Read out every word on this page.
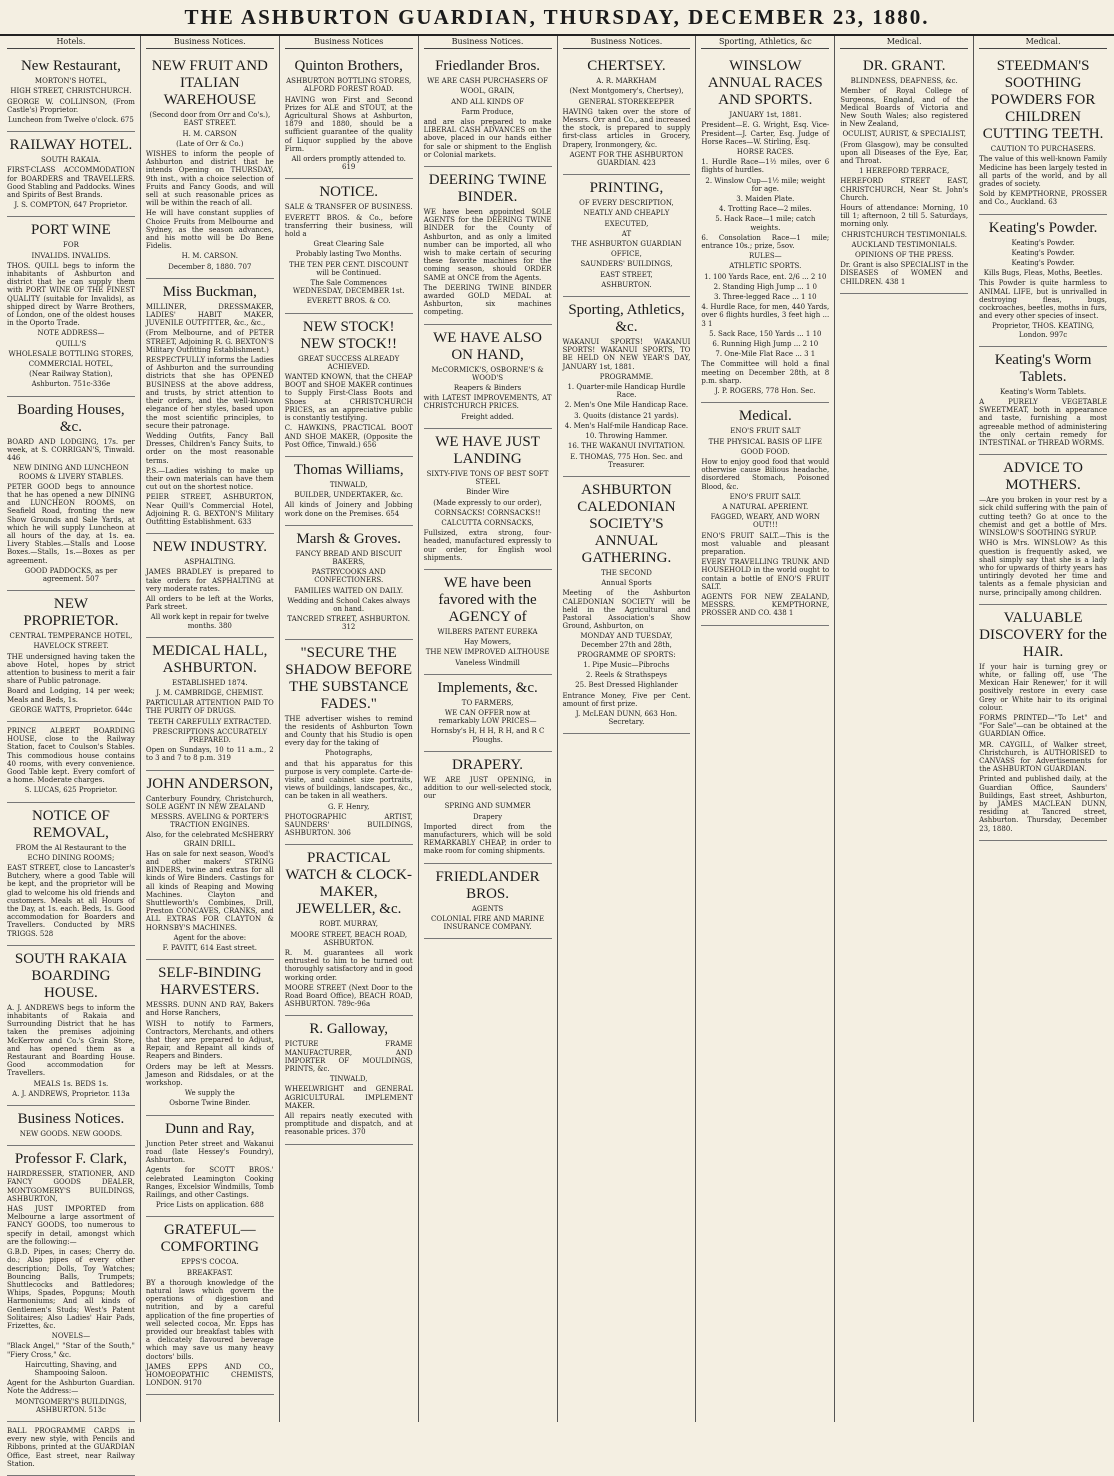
THE ASHBURTON GUARDIAN, THURSDAY, DECEMBER 23, 1880.
Hotels.
New Restaurant,

MORTON'S HOTEL,

HIGH STREET, CHRISTCHURCH.

GEORGE W. COLLINSON, (From Castle's) Proprietor.

Luncheon from Twelve o'clock. 675

RAILWAY HOTEL.

SOUTH RAKAIA.

FIRST-CLASS ACCOMMODATION for BOARDERS and TRAVELLERS. Good Stabling and Paddocks. Wines and Spirits of Best Brands.

J. S. COMPTON, 647 Proprietor.

PORT WINE

FOR

INVALIDS. INVALIDS.

THOS. QUILL begs to inform the inhabitants of Ashburton and district that he can supply them with PORT WINE OF THE FINEST QUALITY (suitable for Invalids), as shipped direct by Warre Brothers, of London, one of the oldest houses in the Oporto Trade.

NOTE ADDRESS—

QUILL'S

WHOLESALE BOTTLING STORES,

COMMERCIAL HOTEL,

(Near Railway Station),

Ashburton. 751c-336e

Boarding Houses, &c.

BOARD AND LODGING, 17s. per week, at S. CORRIGAN'S, Tinwald. 446

NEW DINING AND LUNCHEON ROOMS & LIVERY STABLES.

PETER GOOD begs to announce that he has opened a new DINING and LUNCHEON ROOMS, on Seafield Road, fronting the new Show Grounds and Sale Yards, at which he will supply Luncheon at all hours of the day, at 1s. ea. Livery Stables.—Stalls and Loose Boxes.—Stalls, 1s.—Boxes as per agreement.

GOOD PADDOCKS, as per agreement. 507

NEW PROPRIETOR.

CENTRAL TEMPERANCE HOTEL,

HAVELOCK STREET.

THE undersigned having taken the above Hotel, hopes by strict attention to business to merit a fair share of Public patronage.

Board and Lodging, 14 per week; Meals and Beds, 1s.

GEORGE WATTS, Proprietor. 644c

PRINCE ALBERT BOARDING HOUSE, close to the Railway Station, facet to Coulson's Stables. This commodious house contains 40 rooms, with every convenience. Good Table kept. Every comfort of a home. Moderate charges.

S. LUCAS, 625 Proprietor.

NOTICE OF REMOVAL,

FROM the Al Restaurant to the

ECHO DINING ROOMS;

EAST STREET, close to Lancaster's Butchery, where a good Table will be kept, and the proprietor will be glad to welcome his old friends and customers. Meals at all Hours of the Day, at 1s. each. Beds, 1s. Good accommodation for Boarders and Travellers. Conducted by MRS TRIGGS. 528

SOUTH RAKAIA BOARDING HOUSE.

A. J. ANDREWS begs to inform the inhabitants of Rakaia and Surrounding District that he has taken the premises adjoining McKerrow and Co.'s Grain Store, and has opened them as a Restaurant and Boarding House. Good accommodation for Travellers.

MEALS 1s. BEDS 1s.

A. J. ANDREWS, Proprietor. 113a

Business Notices.

NEW GOODS. NEW GOODS.

Professor F. Clark,

HAIRDRESSER, STATIONER, AND FANCY GOODS DEALER, MONTGOMERY'S BUILDINGS, ASHBURTON,

HAS JUST IMPORTED from Melbourne a large assortment of FANCY GOODS, too numerous to specify in detail, amongst which are the following:—

G.B.D. Pipes, in cases; Cherry do. do.; Also pipes of every other description; Dolls, Toy Watches; Bouncing Balls, Trumpets; Shuttlecocks and Battledores; Whips, Spades, Popguns; Mouth Harmoniums; And all kinds of Gentlemen's Studs; West's Patent Solitaires; Also Ladies' Hair Pads, Frizettes, &c.

NOVELS—

"Black Angel," "Star of the South," "Fiery Cross," &c.

Haircutting, Shaving, and Shampooing Saloon.

Agent for the Ashburton Guardian. Note the Address:—

MONTGOMERY'S BUILDINGS, ASHBURTON. 513c

BALL PROGRAMME CARDS in every new style, with Pencils and Ribbons, printed at the GUARDIAN Office, East street, near Railway Station.

Business Notices.
NEW FRUIT AND ITALIAN WAREHOUSE

(Second door from Orr and Co's.), EAST STREET.

H. M. CARSON

(Late of Orr & Co.)

WISHES to inform the people of Ashburton and district that he intends Opening on THURSDAY, 9th inst., with a choice selection of Fruits and Fancy Goods, and will sell at such reasonable prices as will be within the reach of all.

He will have constant supplies of Choice Fruits from Melbourne and Sydney, as the season advances, and his motto will be Do Bene Fidelis.

H. M. CARSON.

December 8, 1880. 707

Miss Buckman,

MILLINER, DRESSMAKER, LADIES' HABIT MAKER, JUVENILE OUTFITTER, &c., &c.,

(From Melbourne, and of PETER STREET, Adjoining R. G. BEXTON'S Military Outfitting Establishment.)

RESPECTFULLY informs the Ladies of Ashburton and the surrounding districts that she has OPENED BUSINESS at the above address, and trusts, by strict attention to their orders, and the well-known elegance of her styles, based upon the most scientific principles, to secure their patronage.

Wedding Outfits, Fancy Ball Dresses, Children's Fancy Suits, to order on the most reasonable terms.

P.S.—Ladies wishing to make up their own materials can have them cut out on the shortest notice.

PEIER STREET, ASHBURTON, Near Quill's Commercial Hotel, Adjoining R. G. BEXTON'S Military Outfitting Establishment. 633

NEW INDUSTRY.

ASPHALTING.

JAMES BRADLEY is prepared to take orders for ASPHALTING at very moderate rates.

All orders to be left at the Works, Park street.

All work kept in repair for twelve months. 380

MEDICAL HALL, ASHBURTON.

ESTABLISHED 1874.

J. M. CAMBRIDGE, CHEMIST.

PARTICULAR ATTENTION PAID TO THE PURITY OF DRUGS.

TEETH CAREFULLY EXTRACTED.

PRESCRIPTIONS ACCURATELY PREPARED.

Open on Sundays, 10 to 11 a.m., 2 to 3 and 7 to 8 p.m. 319

JOHN ANDERSON,

Canterbury Foundry, Christchurch, SOLE AGENT IN NEW ZEALAND

MESSRS. AVELING & PORTER'S TRACTION ENGINES.

Also, for the celebrated McSHERRY GRAIN DRILL.

Has on sale for next season, Wood's and other makers' STRING BINDERS, twine and extras for all kinds of Wire Binders. Castings for all kinds of Reaping and Mowing Machines. Clayton and Shuttleworth's Combines, Drill, Preston CONCAVES, CRANKS, and ALL EXTRAS FOR CLAYTON & HORNSBY'S MACHINES.

Agent for the above:

F. PAVITT, 614 East street.

SELF-BINDING HARVESTERS.

MESSRS. DUNN AND RAY, Bakers and Horse Ranchers,

WISH to notify to Farmers, Contractors, Merchants, and others that they are prepared to Adjust, Repair, and Repaint all kinds of Reapers and Binders.

Orders may be left at Messrs. Jameson and Ridsdales, or at the workshop.

We supply the

Osborne Twine Binder.

Dunn and Ray,

Junction Peter street and Wakanui road (late Hessey's Foundry), Ashburton.

Agents for SCOTT BROS.' celebrated Leamington Cooking Ranges, Excelsior Windmills, Tomb Railings, and other Castings.

Price Lists on application. 688

GRATEFUL—COMFORTING

EPPS'S COCOA.

BREAKFAST.

BY a thorough knowledge of the natural laws which govern the operations of digestion and nutrition, and by a careful application of the fine properties of well selected cocoa, Mr. Epps has provided our breakfast tables with a delicately flavoured beverage which may save us many heavy doctors' bills.

JAMES EPPS AND CO., HOMOEOPATHIC CHEMISTS, LONDON. 9170

Business Notices
Quinton Brothers,

ASHBURTON BOTTLING STORES, ALFORD FOREST ROAD.

HAVING won First and Second Prizes for ALE and STOUT, at the Agricultural Shows at Ashburton, 1879 and 1880, should be a sufficient guarantee of the quality of Liquor supplied by the above Firm.

All orders promptly attended to. 619

NOTICE.

SALE & TRANSFER OF BUSINESS.

EVERETT BROS. & Co., before transferring their business, will hold a

Great Clearing Sale

Probably lasting Two Months.

THE TEN PER CENT. DISCOUNT will be Continued.

The Sale Commences WEDNESDAY, DECEMBER 1st.

EVERETT BROS. & CO.

NEW STOCK! NEW STOCK!!

GREAT SUCCESS ALREADY ACHIEVED.

WANTED KNOWN, that the CHEAP BOOT and SHOE MAKER continues to Supply First-Class Boots and Shoes at CHRISTCHURCH PRICES, as an appreciative public is constantly testifying.

C. HAWKINS, PRACTICAL BOOT AND SHOE MAKER, (Opposite the Post Office, Tinwald.) 656

Thomas Williams,

TINWALD,

BUILDER, UNDERTAKER, &c.

All kinds of Joinery and Jobbing work done on the Premises. 654

Marsh & Groves.

FANCY BREAD AND BISCUIT BAKERS,

PASTRYCOOKS AND CONFECTIONERS.

FAMILIES WAITED ON DAILY.

Wedding and School Cakes always on hand.

TANCRED STREET, ASHBURTON. 312

"SECURE THE SHADOW BEFORE THE SUBSTANCE FADES."

THE advertiser wishes to remind the residents of Ashburton Town and County that his Studio is open every day for the taking of

Photographs,

and that his apparatus for this purpose is very complete. Carte-de-visite, and cabinet size portraits, views of buildings, landscapes, &c., can be taken in all weathers.

G. F. Henry,

PHOTOGRAPHIC ARTIST, SAUNDERS' BUILDINGS, ASHBURTON. 306

PRACTICAL WATCH & CLOCK-MAKER, JEWELLER, &c.

ROBT. MURRAY,

MOORE STREET, BEACH ROAD, ASHBURTON.

R. M. guarantees all work entrusted to him to be turned out thoroughly satisfactory and in good working order.

MOORE STREET (Next Door to the Road Board Office), BEACH ROAD, ASHBURTON. 789c-96a

R. Galloway,

PICTURE FRAME MANUFACTURER, AND IMPORTER OF MOULDINGS, PRINTS, &c.

TINWALD,

WHEELWRIGHT and GENERAL AGRICULTURAL IMPLEMENT MAKER.

All repairs neatly executed with promptitude and dispatch, and at reasonable prices. 370

Business Notices.
Friedlander Bros.

WE ARE CASH PURCHASERS OF

WOOL, GRAIN,

AND ALL KINDS OF

Farm Produce,

and are also prepared to make LIBERAL CASH ADVANCES on the above, placed in our hands either for sale or shipment to the English or Colonial markets.

DEERING TWINE BINDER.

WE have been appointed SOLE AGENTS for the DEERING TWINE BINDER for the County of Ashburton, and as only a limited number can be imported, all who wish to make certain of securing these favorite machines for the coming season, should ORDER SAME at ONCE from the Agents.

The DEERING TWINE BINDER awarded GOLD MEDAL at Ashburton, six machines competing.

WE HAVE ALSO ON HAND,

McCORMICK'S, OSBORNE'S & WOOD'S

Reapers & Binders

with LATEST IMPROVEMENTS, AT CHRISTCHURCH PRICES.

Freight added.

WE HAVE JUST LANDING

SIXTY-FIVE TONS OF BEST SOFT STEEL

Binder Wire

(Made expressly to our order),

CORNSACKS! CORNSACKS!!

CALCUTTA CORNSACKS,

Fullsized, extra strong, four-headed, manufactured expressly to our order, for English wool shipments.

WE have been favored with the AGENCY of

WILBERS PATENT EUREKA

Hay Mowers,

THE NEW IMPROVED ALTHOUSE

Vaneless Windmill

Implements, &c.

TO FARMERS,

WE CAN OFFER now at remarkably LOW PRICES—

Hornsby's H, H H, R H, and R C Ploughs.

DRAPERY.

WE ARE JUST OPENING, in addition to our well-selected stock, our

SPRING AND SUMMER

Drapery

Imported direct from the manufacturers, which will be sold REMARKABLY CHEAP, in order to make room for coming shipments.

FRIEDLANDER BROS.

AGENTS

COLONIAL FIRE AND MARINE INSURANCE COMPANY.

Business Notices.
CHERTSEY.

A. R. MARKHAM

(Next Montgomery's, Chertsey),

GENERAL STOREKEEPER

HAVING taken over the store of Messrs. Orr and Co., and increased the stock, is prepared to supply first-class articles in Grocery, Drapery, Ironmongery, &c.

AGENT FOR THE ASHBURTON GUARDIAN. 423

PRINTING,

OF EVERY DESCRIPTION,

NEATLY AND CHEAPLY

EXECUTED,

AT

THE ASHBURTON GUARDIAN

OFFICE,

SAUNDERS' BUILDINGS,

EAST STREET,

ASHBURTON.

Sporting, Athletics, &c.

WAKANUI SPORTS! WAKANUI SPORTS! WAKANUI SPORTS, TO BE HELD ON NEW YEAR'S DAY, JANUARY 1st, 1881.

PROGRAMME.

1. Quarter-mile Handicap Hurdle Race.

2. Men's One Mile Handicap Race.

3. Quoits (distance 21 yards).

4. Men's Half-mile Handicap Race.

10. Throwing Hammer.

16. THE WAKANUI INVITATION.

E. THOMAS, 775 Hon. Sec. and Treasurer.

ASHBURTON CALEDONIAN SOCIETY'S ANNUAL GATHERING.

THE SECOND

Annual Sports

Meeting of the Ashburton CALEDONIAN SOCIETY will be held in the Agricultural and Pastoral Association's Show Ground, Ashburton, on

MONDAY AND TUESDAY, December 27th and 28th,

PROGRAMME OF SPORTS:

1. Pipe Music—Pibrochs

2. Reels & Strathspeys

25. Best Dressed Highlander

Entrance Money, Five per Cent. amount of first prize.

J. McLEAN DUNN, 663 Hon. Secretary.

Sporting, Athletics, &c
WINSLOW ANNUAL RACES AND SPORTS.

JANUARY 1st, 1881.

President—E. G. Wright, Esq. Vice-President—J. Carter, Esq. Judge of Horse Races—W. Stirling, Esq.

HORSE RACES.

1. Hurdle Race—1½ miles, over 6 flights of hurdles.

2. Winslow Cup—1½ mile; weight for age.

3. Maiden Plate.

4. Trotting Race—2 miles.

5. Hack Race—1 mile; catch weights.

6. Consolation Race—1 mile; entrance 10s.; prize, 5sov.

RULES—

ATHLETIC SPORTS.

1. 100 Yards Race, ent. 2/6 ... 2 10

2. Standing High Jump ... 1 0

3. Three-legged Race ... 1 10

4. Hurdle Race, for men, 440 Yards, over 6 flights hurdles, 3 feet high ... 3 1

5. Sack Race, 150 Yards ... 1 10

6. Running High Jump ... 2 10

7. One-Mile Flat Race ... 3 1

The Committee will hold a final meeting on December 28th, at 8 p.m. sharp.

J. P. ROGERS, 778 Hon. Sec.

Medical.

ENO'S FRUIT SALT

THE PHYSICAL BASIS OF LIFE

GOOD FOOD.

How to enjoy good food that would otherwise cause Bilious headache, disordered Stomach, Poisoned Blood, &c.

ENO'S FRUIT SALT.

A NATURAL APERIENT.

FAGGED, WEARY, AND WORN OUT!!!

ENO'S FRUIT SALT.—This is the most valuable and pleasant preparation.

EVERY TRAVELLING TRUNK AND HOUSEHOLD in the world ought to contain a bottle of ENO'S FRUIT SALT.

AGENTS FOR NEW ZEALAND, MESSRS. KEMPTHORNE, PROSSER AND CO. 438 1

Medical.
DR. GRANT.

BLINDNESS, DEAFNESS, &c.

Member of Royal College of Surgeons, England, and of the Medical Boards of Victoria and New South Wales; also registered in New Zealand,

OCULIST, AURIST, & SPECIALIST,

(From Glasgow), may be consulted upon all Diseases of the Eye, Ear, and Throat.

1 HEREFORD TERRACE,

HEREFORD STREET EAST, CHRISTCHURCH, Near St. John's Church.

Hours of attendance: Morning, 10 till 1; afternoon, 2 till 5. Saturdays, morning only.

CHRISTCHURCH TESTIMONIALS.

AUCKLAND TESTIMONIALS.

OPINIONS OF THE PRESS.

Dr. Grant is also SPECIALIST in the DISEASES of WOMEN and CHILDREN. 438 1

Medical.
STEEDMAN'S SOOTHING POWDERS FOR CHILDREN CUTTING TEETH.

CAUTION TO PURCHASERS.

The value of this well-known Family Medicine has been largely tested in all parts of the world, and by all grades of society.

Sold by KEMPTHORNE, PROSSER and Co., Auckland. 63

Keating's Powder.

Keating's Powder.

Keating's Powder.

Keating's Powder.

Kills Bugs, Fleas, Moths, Beetles.

This Powder is quite harmless to ANIMAL LIFE, but is unrivalled in destroying fleas, bugs, cockroaches, beetles, moths in furs, and every other species of insect.

Proprietor, THOS. KEATING, London. 997c

Keating's Worm Tablets.

Keating's Worm Tablets.

A PURELY VEGETABLE SWEETMEAT, both in appearance and taste, furnishing a most agreeable method of administering the only certain remedy for INTESTINAL or THREAD WORMS.

ADVICE TO MOTHERS.

—Are you broken in your rest by a sick child suffering with the pain of cutting teeth? Go at once to the chemist and get a bottle of Mrs. WINSLOW'S SOOTHING SYRUP.

WHO is Mrs. WINSLOW? As this question is frequently asked, we shall simply say that she is a lady who for upwards of thirty years has untiringly devoted her time and talents as a female physician and nurse, principally among children.

VALUABLE DISCOVERY for the HAIR.

If your hair is turning grey or white, or falling off, use 'The Mexican Hair Renewer,' for it will positively restore in every case Grey or White hair to its original colour.

FORMS PRINTED—"To Let" and "For Sale"—can be obtained at the GUARDIAN Office.

MR. CAYGILL, of Walker street, Christchurch, is AUTHORISED to CANVASS for Advertisements for the ASHBURTON GUARDIAN.

Printed and published daily, at the Guardian Office, Saunders' Buildings, East street, Ashburton, by JAMES MACLEAN DUNN, residing at Tancred street, Ashburton. Thursday, December 23, 1880.
